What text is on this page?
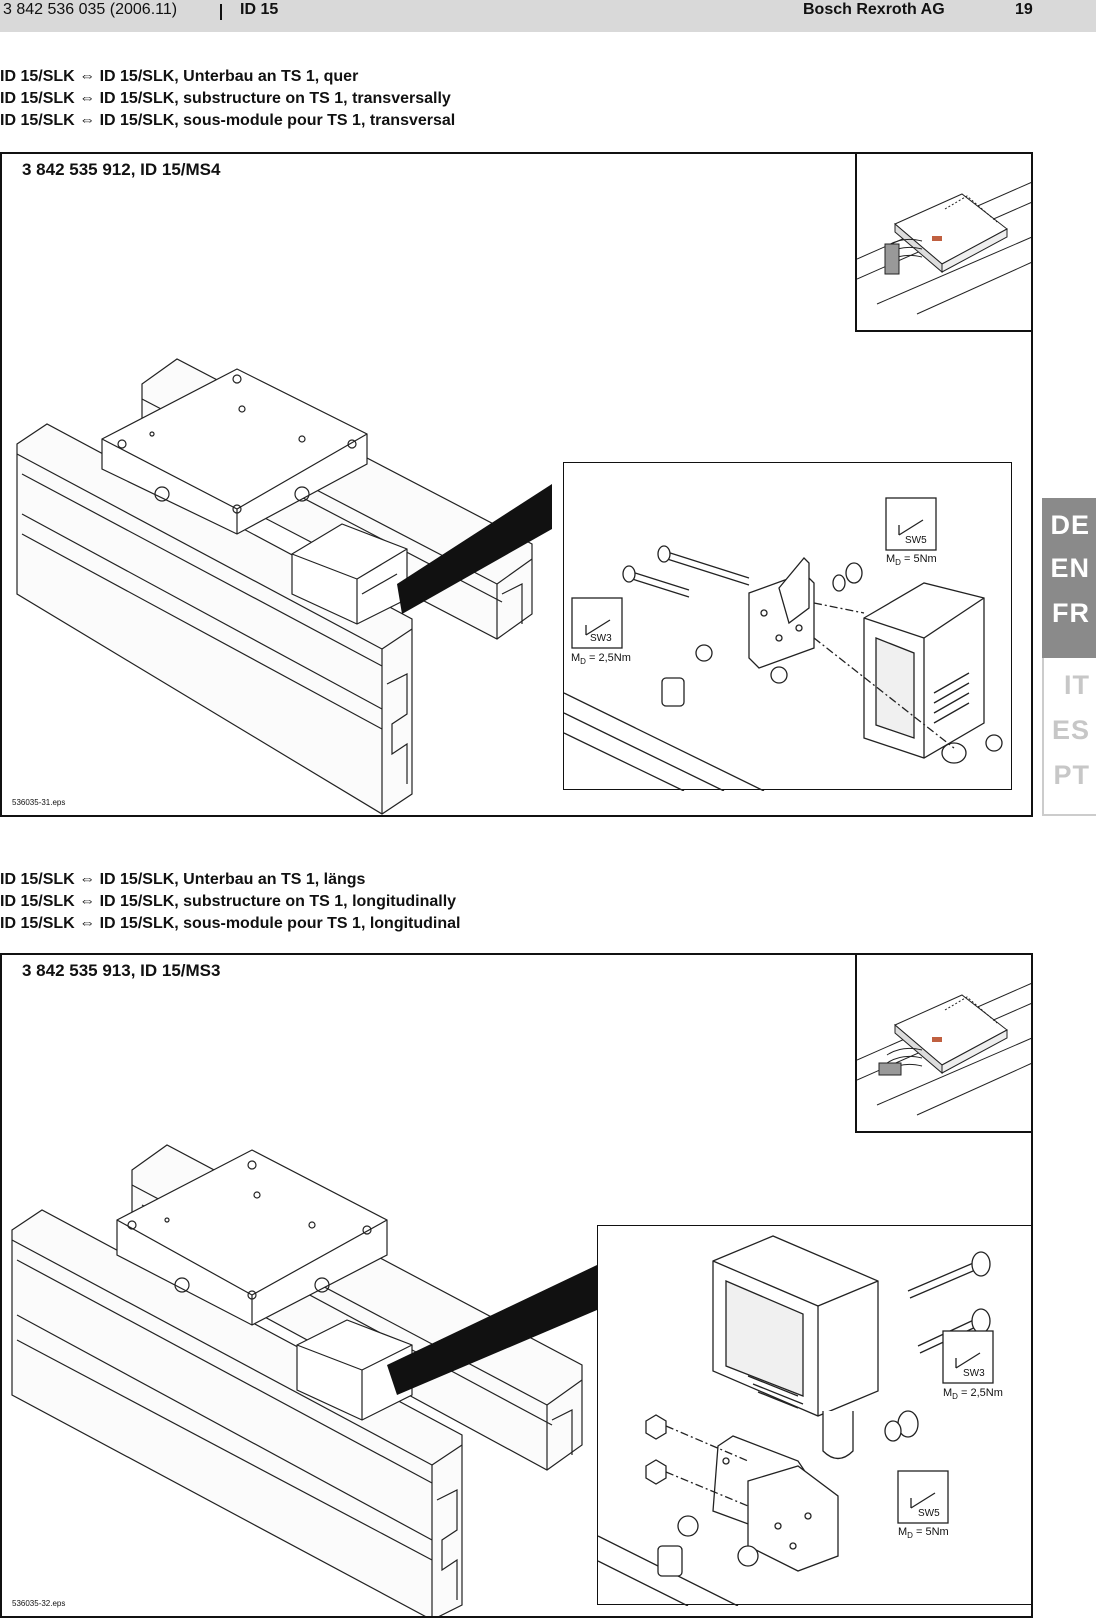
3 842 536 035 (2006.11)	ID 15	Bosch Rexroth AG	19
ID 15/SLK ⇔ ID 15/SLK, Unterbau an TS 1, quer
ID 15/SLK ⇔ ID 15/SLK, substructure on TS 1, transversally
ID 15/SLK ⇔ ID 15/SLK, sous-module pour TS 1, transversal
3 842 535 912, ID 15/MS4
SW3
$M_D = 2,5Nm$
SW5
$M_D = 5Nm$
536035-31.eps
DE
EN
FR
IT
ES
PT
ID 15/SLK ⇔ ID 15/SLK, Unterbau an TS 1, längs
ID 15/SLK ⇔ ID 15/SLK, substructure on TS 1, longitudinally
ID 15/SLK ⇔ ID 15/SLK, sous-module pour TS 1, longitudinal
3 842 535 913, ID 15/MS3
SW3
$M_D = 2,5Nm$
SW5
$M_D = 5Nm$
536035-32.eps
